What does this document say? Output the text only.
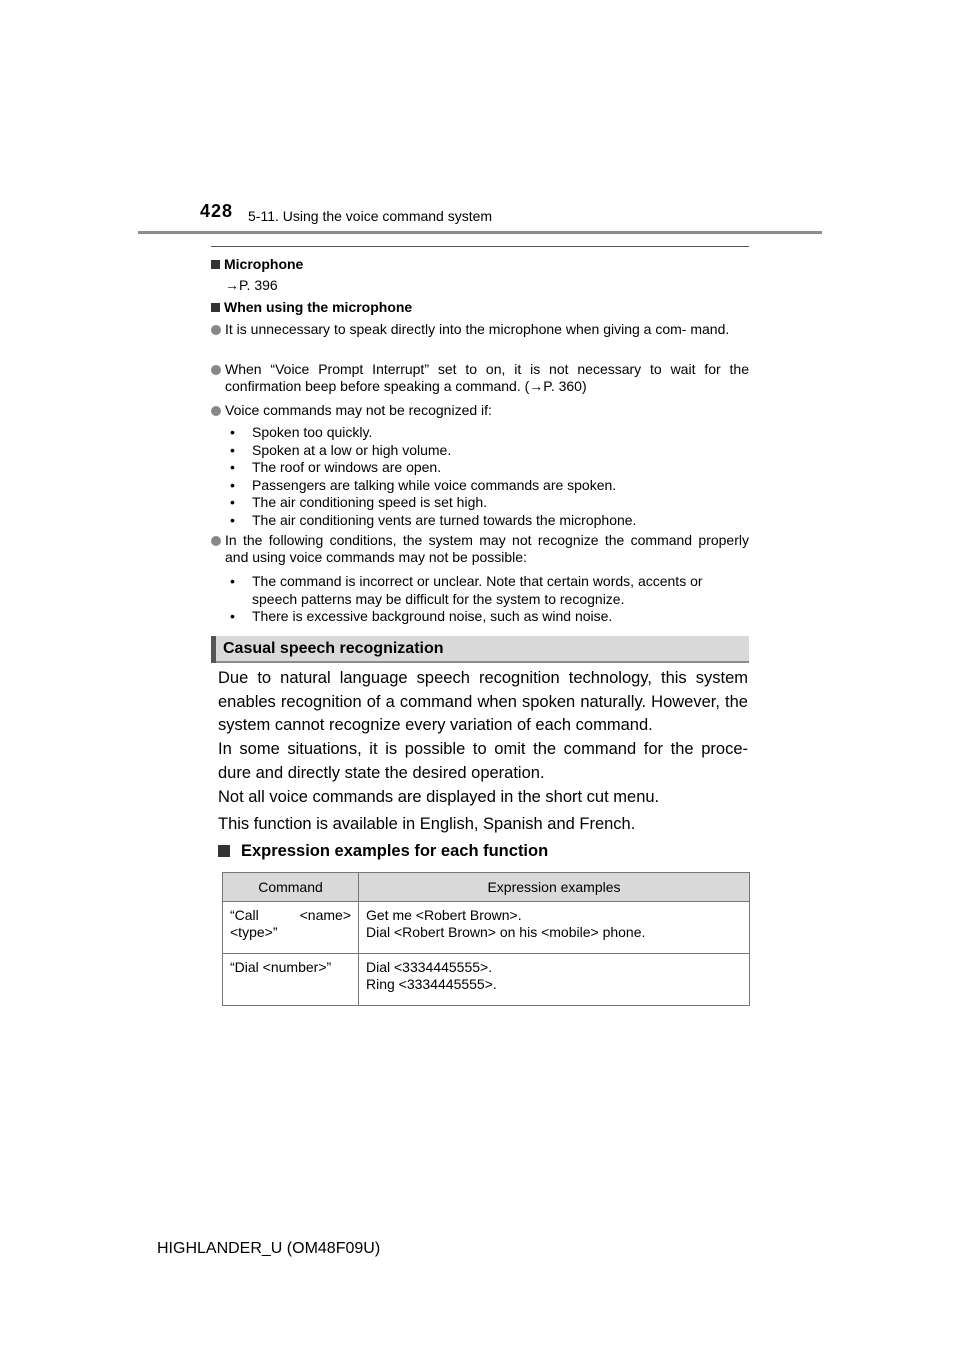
428 5-11. Using the voice command system
Microphone
→P. 396
When using the microphone
It is unnecessary to speak directly into the microphone when giving a com- mand.
When “Voice Prompt Interrupt” set to on, it is not necessary to wait for the confirmation beep before speaking a command. (→P. 360)
Voice commands may not be recognized if:
• Spoken too quickly.
• Spoken at a low or high volume.
• The roof or windows are open.
• Passengers are talking while voice commands are spoken.
• The air conditioning speed is set high.
• The air conditioning vents are turned towards the microphone.
In the following conditions, the system may not recognize the command properly and using voice commands may not be possible:
• The command is incorrect or unclear. Note that certain words, accents or speech patterns may be difficult for the system to recognize.
• There is excessive background noise, such as wind noise.
Casual speech recognization
Due to natural language speech recognition technology, this system enables recognition of a command when spoken naturally. However, the system cannot recognize every variation of each command.
In some situations, it is possible to omit the command for the proce- dure and directly state the desired operation.
Not all voice commands are displayed in the short cut menu.
This function is available in English, Spanish and French.
Expression examples for each function
Command	Expression examples
“Call <name> <type>”	Get me <Robert Brown>.
Dial <Robert Brown> on his <mobile> phone.

“Dial <number>”	Dial <3334445555>.
Ring <3334445555>.
HIGHLANDER_U (OM48F09U)
